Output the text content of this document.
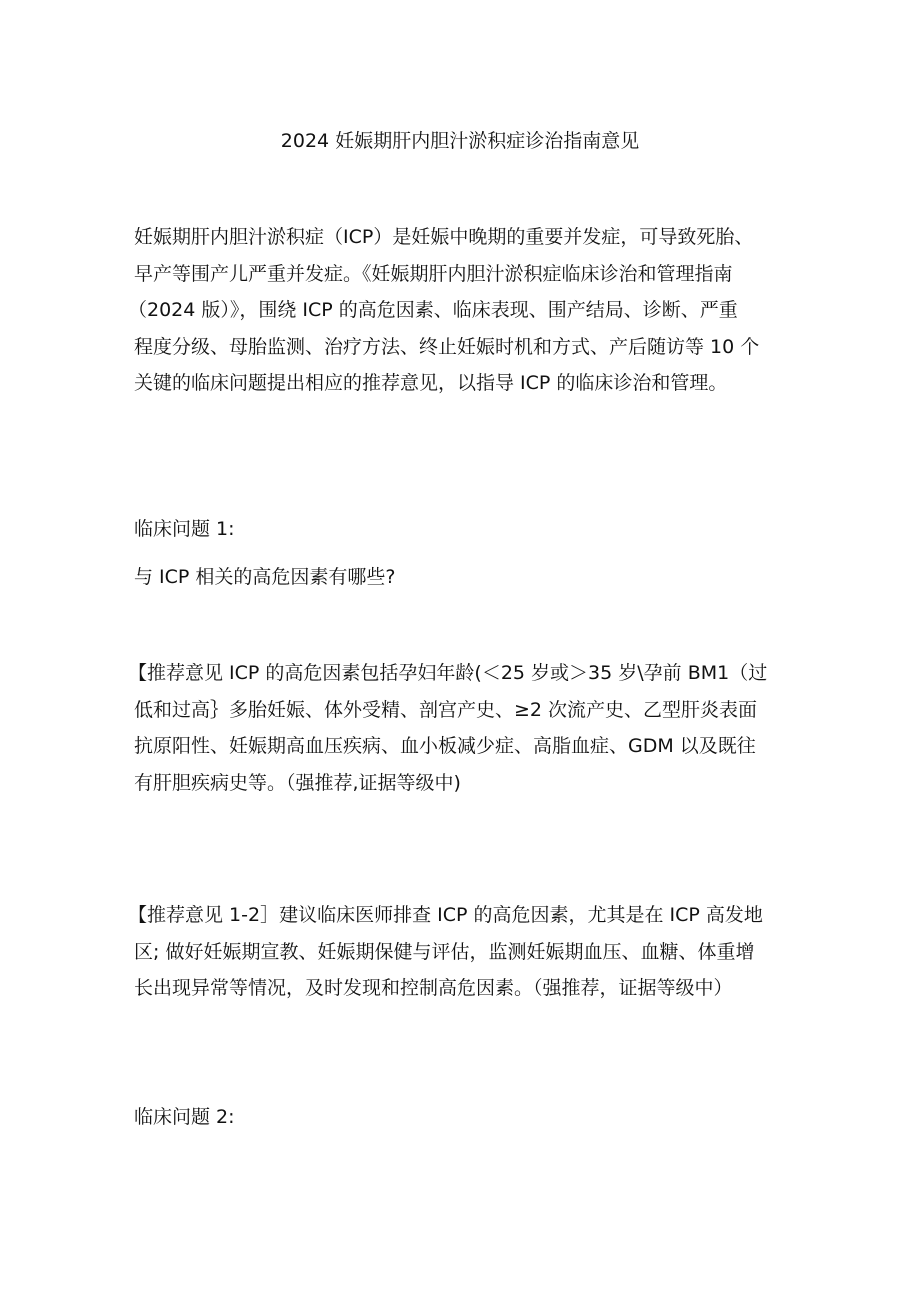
2024 妊娠期肝内胆汁淤积症诊治指南意见
妊娠期肝内胆汁淤积症（ICP）是妊娠中晚期的重要并发症，可导致死胎、
早产等围产儿严重并发症。《妊娠期肝内胆汁淤积症临床诊治和管理指南
（2024 版）》，围绕 ICP 的高危因素、临床表现、围产结局、诊断、严重
程度分级、母胎监测、治疗方法、终止妊娠时机和方式、产后随访等 10 个
关键的临床问题提出相应的推荐意见，以指导 ICP 的临床诊治和管理。
临床问题 1:
与 ICP 相关的高危因素有哪些?
【推荐意见 ICP 的高危因素包括孕妇年龄(＜25 岁或＞35 岁\孕前 BM1（过
低和过高｝多胎妊娠、体外受精、剖宫产史、≥2 次流产史、乙型肝炎表面
抗原阳性、妊娠期高血压疾病、血小板减少症、高脂血症、GDM 以及既往
有肝胆疾病史等。（强推荐,证据等级中)
【推荐意见 1-2］建议临床医师排查 ICP 的高危因素，尤其是在 ICP 高发地
区; 做好妊娠期宣教、妊娠期保健与评估，监测妊娠期血压、血糖、体重增
长出现异常等情况，及时发现和控制高危因素。（强推荐，证据等级中）
临床问题 2:
